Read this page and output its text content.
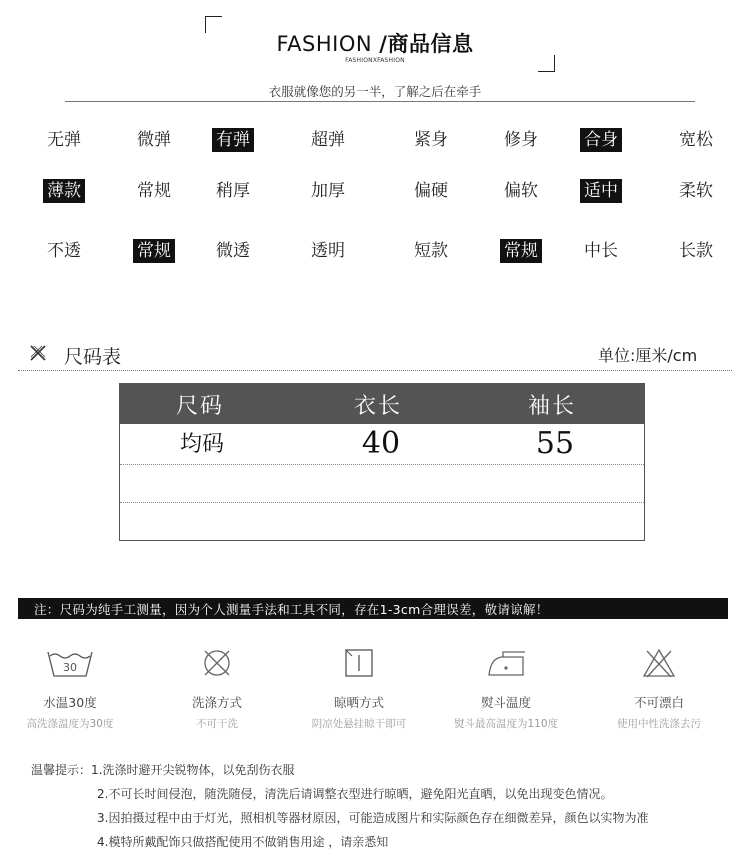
FASHION /商品信息
FASHIONXFASHION
衣服就像您的另一半，了解之后在牵手
无弹	微弹	有弹	超弹	紧身	修身	合身	宽松
薄款	常规	稍厚	加厚	偏硬	偏软	适中	柔软
不透	常规	微透	透明	短款	常规	中长	长款
尺码表	单位:厘米/cm
尺码	衣长	袖长
均码	40	55
注：尺码为纯手工测量，因为个人测量手法和工具不同，存在1-3cm合理误差，敬请谅解！
30
水温30度
高洗涤温度为30度
洗涤方式
不可干洗
晾晒方式
阴凉处悬挂晾干即可
熨斗温度
熨斗最高温度为110度
不可漂白
使用中性洗涤去污
温馨提示：1.洗涤时避开尖锐物体，以免刮伤衣服
2.不可长时间侵泡，随洗随侵，清洗后请调整衣型进行晾晒，避免阳光直晒，以免出现变色情况。
3.因拍摄过程中由于灯光，照相机等器材原因，可能造成图片和实际颜色存在细微差异，颜色以实物为准
4.模特所戴配饰只做搭配使用不做销售用途 ，请亲悉知
